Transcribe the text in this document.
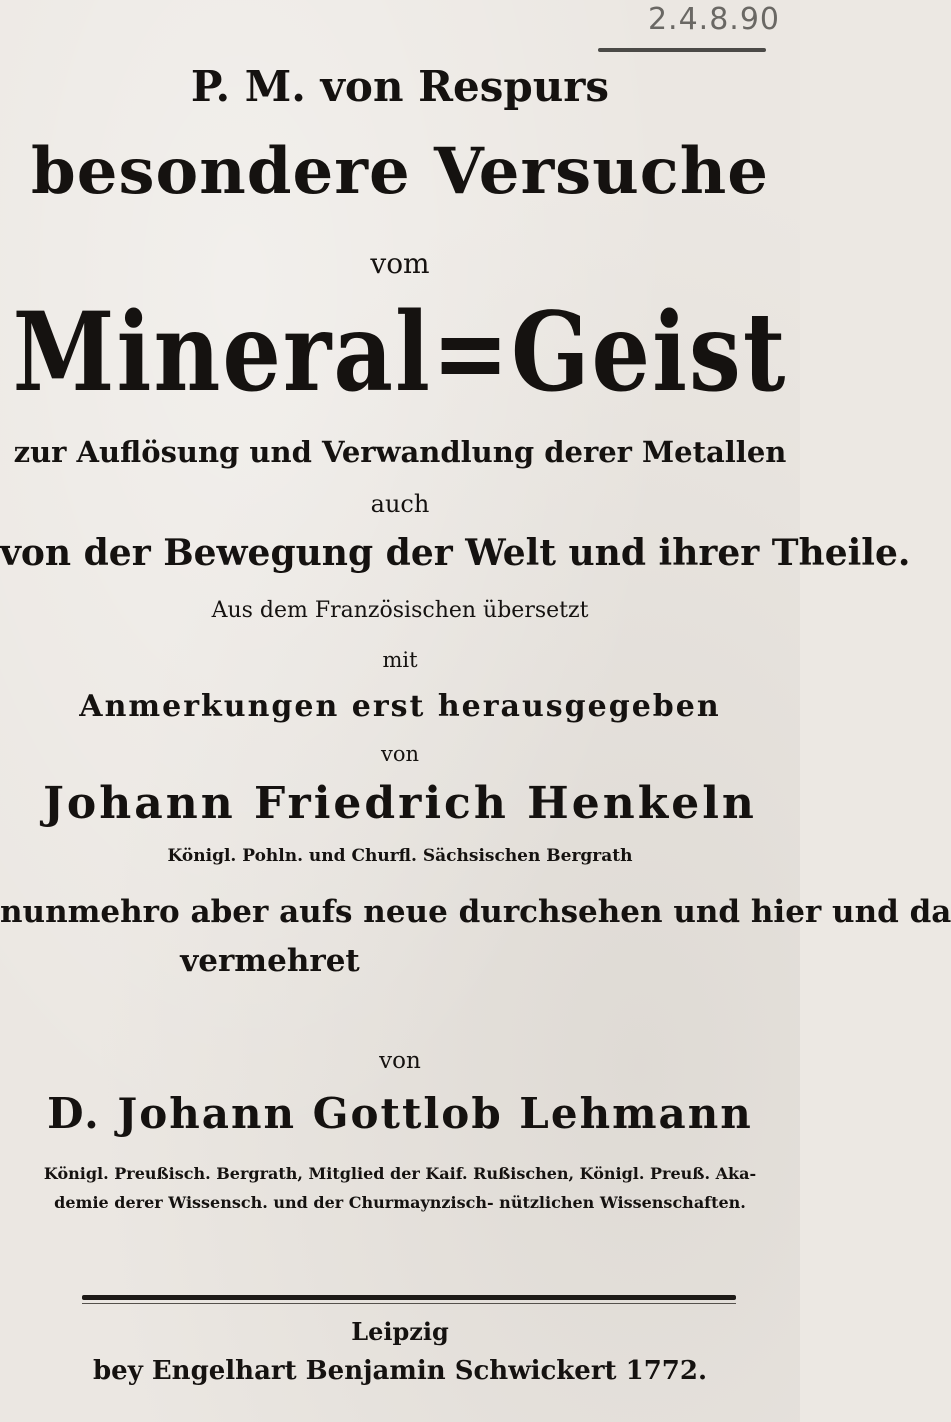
2.4.8.90
P. M. von Respurs
besondere Versuche
vom
Mineral=Geist
zur Auflösung und Verwandlung derer Metallen
auch
von der Bewegung der Welt und ihrer Theile.
Aus dem Französischen übersetzt
mit
Anmerkungen erst herausgegeben
von
Johann Friedrich Henkeln
Königl. Pohln. und Churfl. Sächsischen Bergrath
nunmehro aber aufs neue durchsehen und hier und da
vermehret
von
D. Johann Gottlob Lehmann
Königl. Preußisch. Bergrath, Mitglied der Kaif. Rußischen, Königl. Preuß. Aka-
demie derer Wissensch. und der Churmaynzisch- nützlichen Wissenschaften.
Leipzig
bey Engelhart Benjamin Schwickert 1772.
